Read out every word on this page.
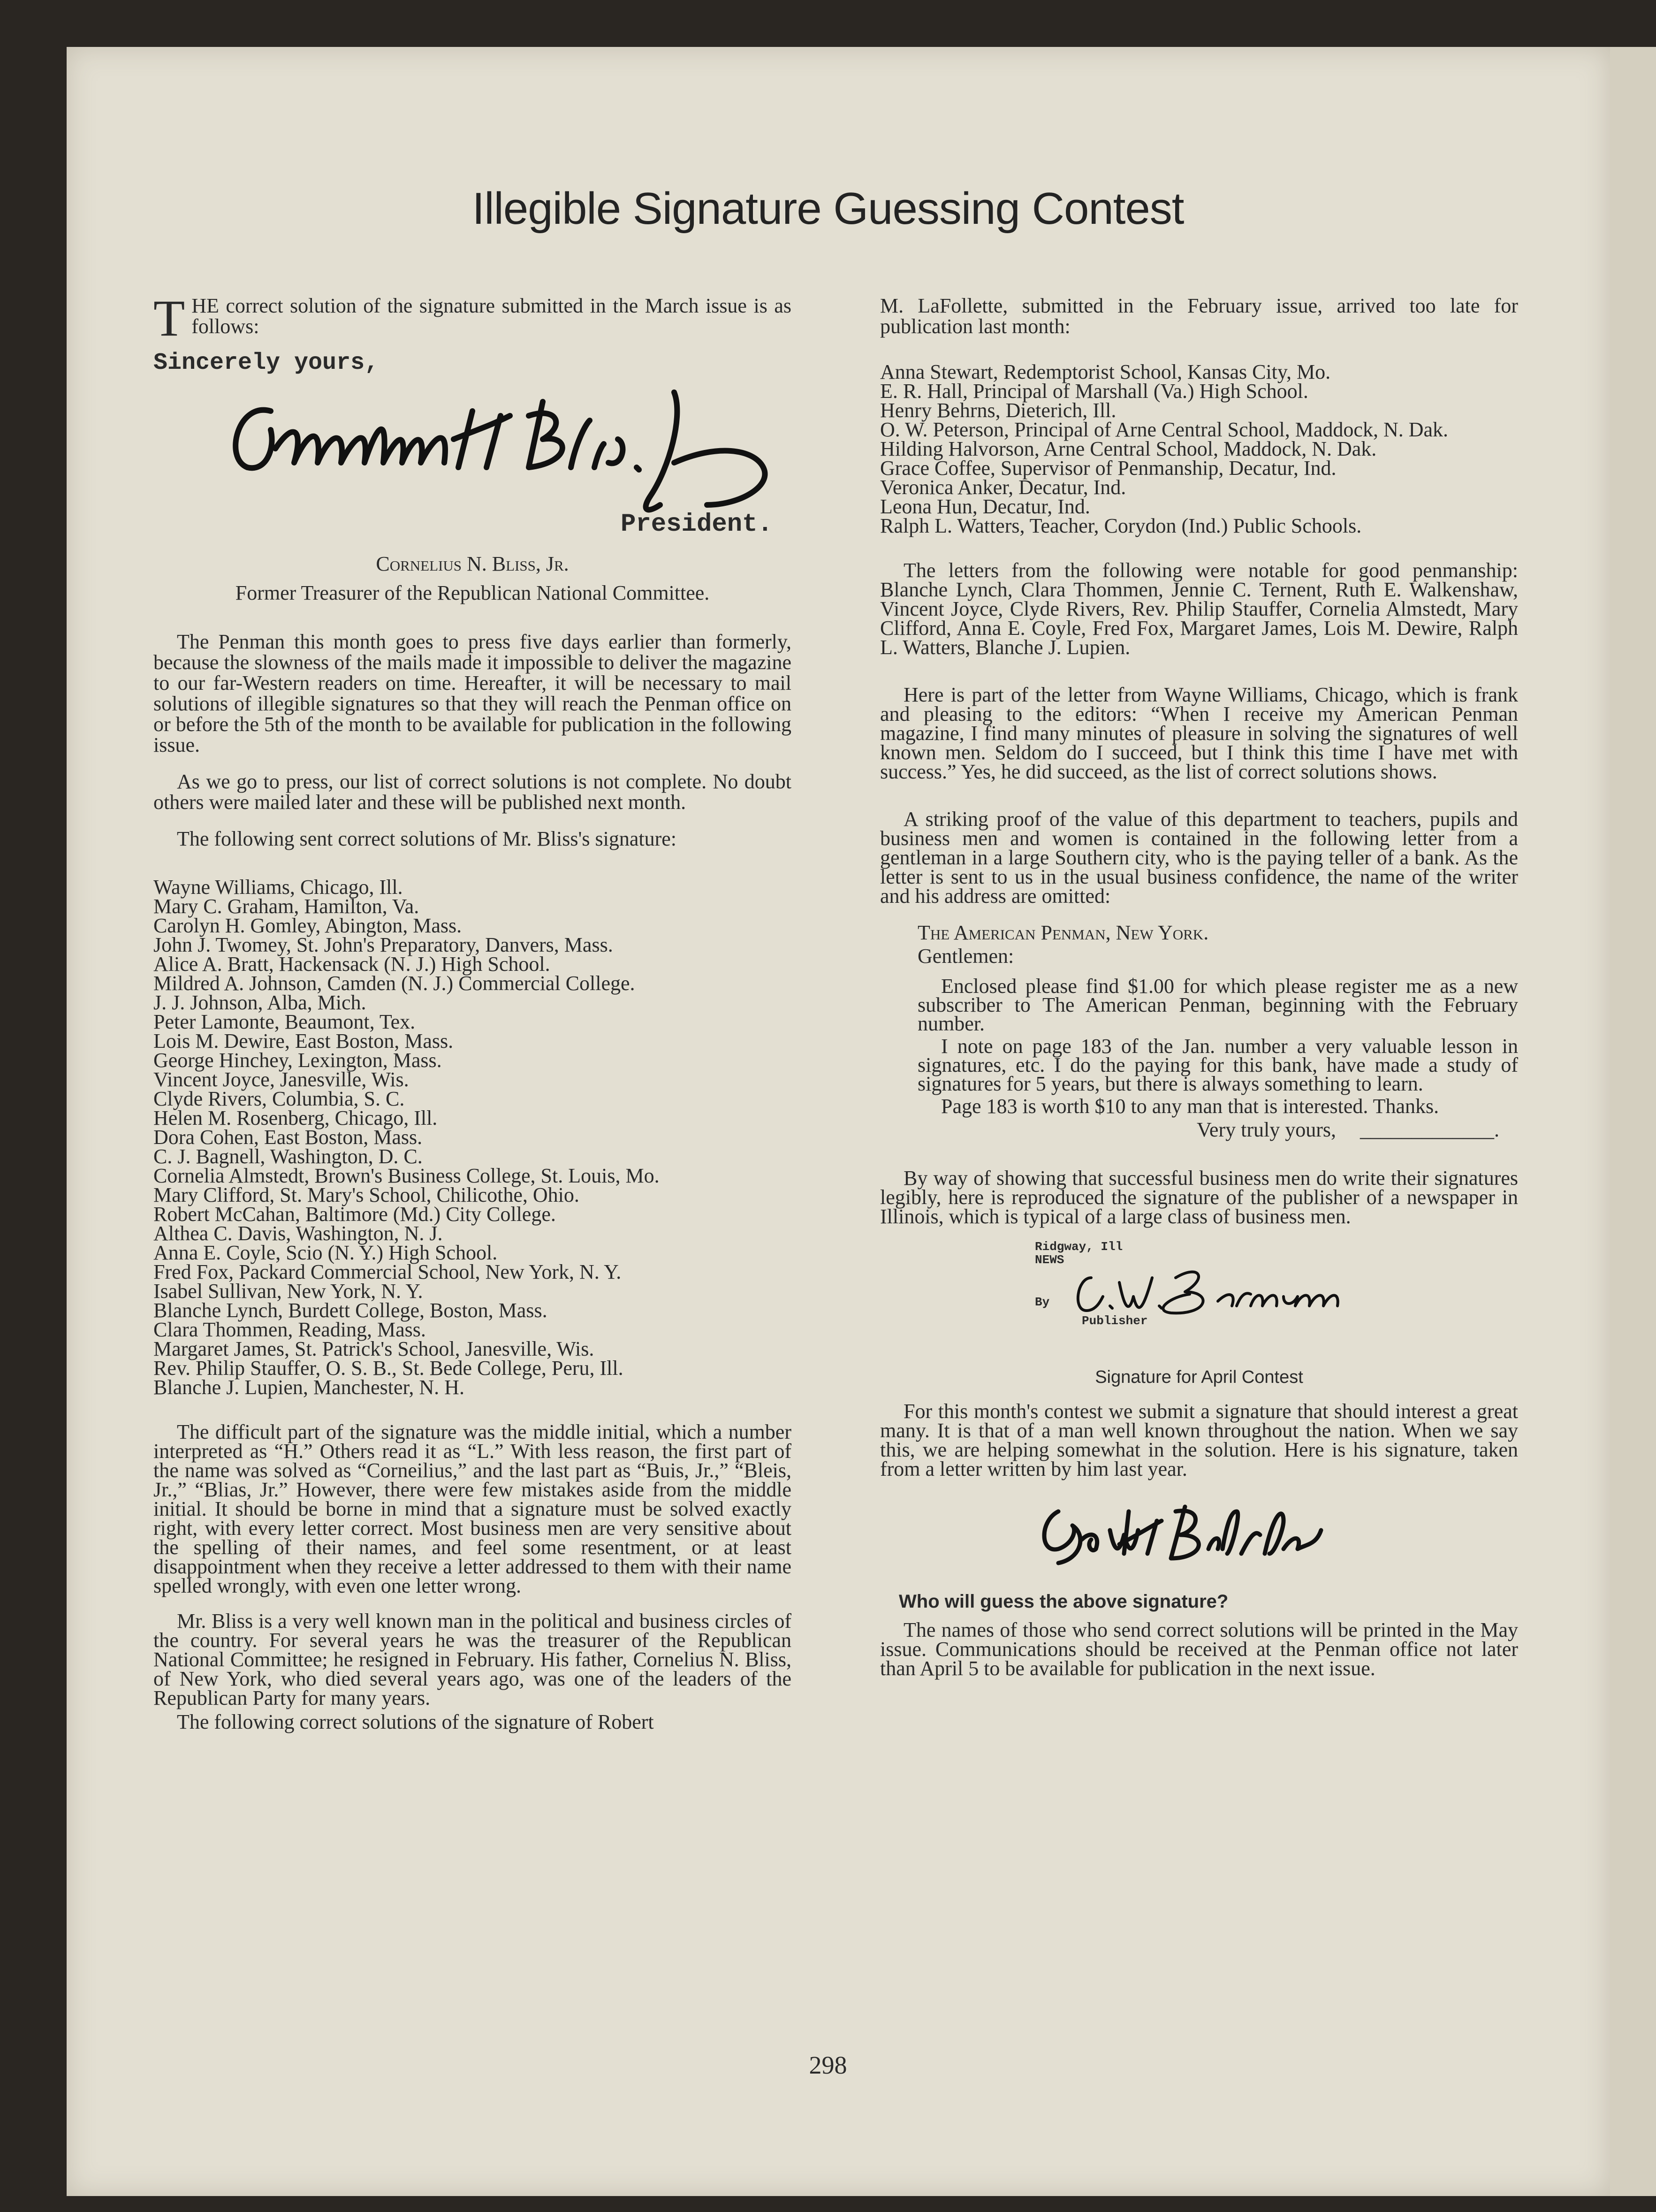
Illegible Signature Guessing Contest

THE correct solution of the signature submitted in the March issue is as follows:

Sincerely yours,
President.

Cornelius N. Bliss, Jr.

Former Treasurer of the Republican National Committee.

The Penman this month goes to press five days earlier than formerly, because the slowness of the mails made it impossible to deliver the magazine to our far-Western readers on time. Hereafter, it will be necessary to mail solutions of illegible signatures so that they will reach the Penman office on or before the 5th of the month to be available for publication in the following issue.

As we go to press, our list of correct solutions is not complete. No doubt others were mailed later and these will be published next month.

The following sent correct solutions of Mr. Bliss's signature:

Wayne Williams, Chicago, Ill.
Mary C. Graham, Hamilton, Va.
Carolyn H. Gomley, Abington, Mass.
John J. Twomey, St. John's Preparatory, Danvers, Mass.
Alice A. Bratt, Hackensack (N. J.) High School.
Mildred A. Johnson, Camden (N. J.) Commercial College.
J. J. Johnson, Alba, Mich.
Peter Lamonte, Beaumont, Tex.
Lois M. Dewire, East Boston, Mass.
George Hinchey, Lexington, Mass.
Vincent Joyce, Janesville, Wis.
Clyde Rivers, Columbia, S. C.
Helen M. Rosenberg, Chicago, Ill.
Dora Cohen, East Boston, Mass.
C. J. Bagnell, Washington, D. C.
Cornelia Almstedt, Brown's Business College, St. Louis, Mo.
Mary Clifford, St. Mary's School, Chilicothe, Ohio.
Robert McCahan, Baltimore (Md.) City College.
Althea C. Davis, Washington, N. J.
Anna E. Coyle, Scio (N. Y.) High School.
Fred Fox, Packard Commercial School, New York, N. Y.
Isabel Sullivan, New York, N. Y.
Blanche Lynch, Burdett College, Boston, Mass.
Clara Thommen, Reading, Mass.
Margaret James, St. Patrick's School, Janesville, Wis.
Rev. Philip Stauffer, O. S. B., St. Bede College, Peru, Ill.
Blanche J. Lupien, Manchester, N. H.

The difficult part of the signature was the middle initial, which a number interpreted as “H.” Others read it as “L.” With less reason, the first part of the name was solved as “Corneilius,” and the last part as “Buis, Jr.,” “Bleis, Jr.,” “Blias, Jr.” However, there were few mistakes aside from the middle initial. It should be borne in mind that a signature must be solved exactly right, with every letter correct. Most business men are very sensitive about the spelling of their names, and feel some resentment, or at least disappointment when they receive a letter addressed to them with their name spelled wrongly, with even one letter wrong.

Mr. Bliss is a very well known man in the political and business circles of the country. For several years he was the treasurer of the Republican National Committee; he resigned in February. His father, Cornelius N. Bliss, of New York, who died several years ago, was one of the leaders of the Republican Party for many years.

The following correct solutions of the signature of Robert

M. LaFollette, submitted in the February issue, arrived too late for publication last month:

Anna Stewart, Redemptorist School, Kansas City, Mo.
E. R. Hall, Principal of Marshall (Va.) High School.
Henry Behrns, Dieterich, Ill.
O. W. Peterson, Principal of Arne Central School, Maddock, N. Dak.
Hilding Halvorson, Arne Central School, Maddock, N. Dak.
Grace Coffee, Supervisor of Penmanship, Decatur, Ind.
Veronica Anker, Decatur, Ind.
Leona Hun, Decatur, Ind.
Ralph L. Watters, Teacher, Corydon (Ind.) Public Schools.

The letters from the following were notable for good penmanship: Blanche Lynch, Clara Thommen, Jennie C. Ternent, Ruth E. Walkenshaw, Vincent Joyce, Clyde Rivers, Rev. Philip Stauffer, Cornelia Almstedt, Mary Clifford, Anna E. Coyle, Fred Fox, Margaret James, Lois M. Dewire, Ralph L. Watters, Blanche J. Lupien.

Here is part of the letter from Wayne Williams, Chicago, which is frank and pleasing to the editors: “When I receive my American Penman magazine, I find many minutes of pleasure in solving the signatures of well known men. Seldom do I succeed, but I think this time I have met with success.” Yes, he did succeed, as the list of correct solutions shows.

A striking proof of the value of this department to teachers, pupils and business men and women is contained in the following letter from a gentleman in a large Southern city, who is the paying teller of a bank. As the letter is sent to us in the usual business confidence, the name of the writer and his address are omitted:

The American Penman, New York.
Gentlemen:

Enclosed please find $1.00 for which please register me as a new subscriber to The American Penman, beginning with the February number.

I note on page 183 of the Jan. number a very valuable lesson in signatures, etc. I do the paying for this bank, have made a study of signatures for 5 years, but there is always something to learn.

Page 183 is worth $10 to any man that is interested. Thanks.

Very truly yours, _____________.

By way of showing that successful business men do write their signatures legibly, here is reproduced the signature of the publisher of a newspaper in Illinois, which is typical of a large class of business men.

Ridgway, Ill
NEWS
By
Publisher
Signature for April Contest

For this month's contest we submit a signature that should interest a great many. It is that of a man well known throughout the nation. When we say this, we are helping somewhat in the solution. Here is his signature, taken from a letter written by him last year.

Who will guess the above signature?

The names of those who send correct solutions will be printed in the May issue. Communications should be received at the Penman office not later than April 5 to be available for publication in the next issue.

298
